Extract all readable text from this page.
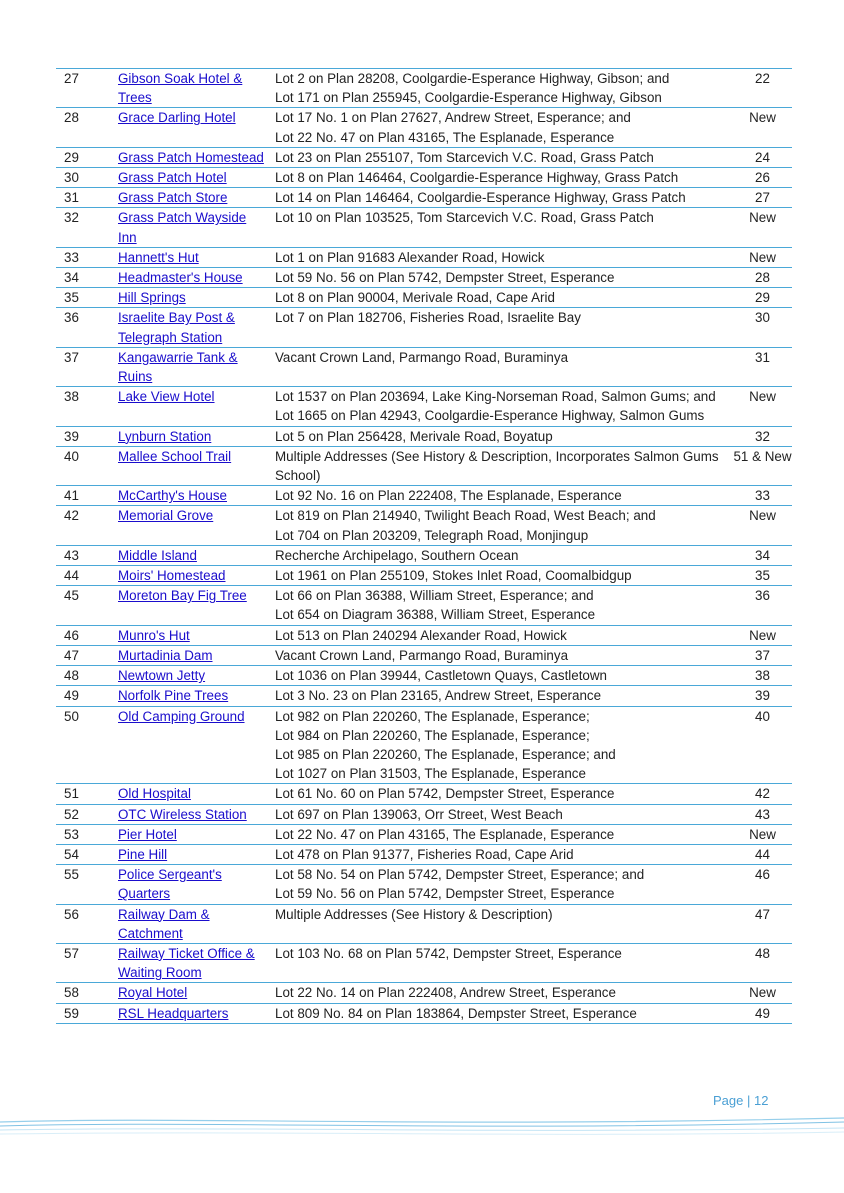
27	Gibson Soak Hotel & Trees	Lot 2 on Plan 28208, Coolgardie-Esperance Highway, Gibson; and
Lot 171 on Plan 255945, Coolgardie-Esperance Highway, Gibson	22
28	Grace Darling Hotel	Lot 17 No. 1 on Plan 27627, Andrew Street, Esperance; and
Lot 22 No. 47 on Plan 43165, The Esplanade, Esperance	New
29	Grass Patch Homestead	Lot 23 on Plan 255107, Tom Starcevich V.C. Road, Grass Patch	24
30	Grass Patch Hotel	Lot 8 on Plan 146464, Coolgardie-Esperance Highway, Grass Patch	26
31	Grass Patch Store	Lot 14 on Plan 146464, Coolgardie-Esperance Highway, Grass Patch	27
32	Grass Patch Wayside Inn	Lot 10 on Plan 103525, Tom Starcevich V.C. Road, Grass Patch	New
33	Hannett's Hut	Lot 1 on Plan 91683 Alexander Road, Howick	New
34	Headmaster's House	Lot 59 No. 56 on Plan 5742, Dempster Street, Esperance	28
35	Hill Springs	Lot 8 on Plan 90004, Merivale Road, Cape Arid	29
36	Israelite Bay Post & Telegraph Station	Lot 7 on Plan 182706, Fisheries Road, Israelite Bay	30
37	Kangawarrie Tank & Ruins	Vacant Crown Land, Parmango Road, Buraminya	31
38	Lake View Hotel	Lot 1537 on Plan 203694, Lake King-Norseman Road, Salmon Gums; and
Lot 1665 on Plan 42943, Coolgardie-Esperance Highway, Salmon Gums	New
39	Lynburn Station	Lot 5 on Plan 256428, Merivale Road, Boyatup	32
40	Mallee School Trail	Multiple Addresses (See History & Description, Incorporates Salmon Gums School)	51 & New
41	McCarthy's House	Lot 92 No. 16 on Plan 222408, The Esplanade, Esperance	33
42	Memorial Grove	Lot 819 on Plan 214940, Twilight Beach Road, West Beach; and
Lot 704 on Plan 203209, Telegraph Road, Monjingup	New
43	Middle Island	Recherche Archipelago, Southern Ocean	34
44	Moirs' Homestead	Lot 1961 on Plan 255109, Stokes Inlet Road, Coomalbidgup	35
45	Moreton Bay Fig Tree	Lot 66 on Plan 36388, William Street, Esperance; and
Lot 654 on Diagram 36388, William Street, Esperance	36
46	Munro's Hut	Lot 513 on Plan 240294 Alexander Road, Howick	New
47	Murtadinia Dam	Vacant Crown Land, Parmango Road, Buraminya	37
48	Newtown Jetty	Lot 1036 on Plan 39944, Castletown Quays, Castletown	38
49	Norfolk Pine Trees	Lot 3 No. 23 on Plan 23165, Andrew Street, Esperance	39
50	Old Camping Ground	Lot 982 on Plan 220260, The Esplanade, Esperance;
Lot 984 on Plan 220260, The Esplanade, Esperance;
Lot 985 on Plan 220260, The Esplanade, Esperance; and
Lot 1027 on Plan 31503, The Esplanade, Esperance	40
51	Old Hospital	Lot 61 No. 60 on Plan 5742, Dempster Street, Esperance	42
52	OTC Wireless Station	Lot 697 on Plan 139063, Orr Street, West Beach	43
53	Pier Hotel	Lot 22 No. 47 on Plan 43165, The Esplanade, Esperance	New
54	Pine Hill	Lot 478 on Plan 91377, Fisheries Road, Cape Arid	44
55	Police Sergeant's Quarters	Lot 58 No. 54 on Plan 5742, Dempster Street, Esperance; and
Lot 59 No. 56 on Plan 5742, Dempster Street, Esperance	46
56	Railway Dam & Catchment	Multiple Addresses (See History & Description)	47
57	Railway Ticket Office & Waiting Room	Lot 103 No. 68 on Plan 5742, Dempster Street, Esperance	48
58	Royal Hotel	Lot 22 No. 14 on Plan 222408, Andrew Street, Esperance	New
59	RSL Headquarters	Lot 809 No. 84 on Plan 183864, Dempster Street, Esperance	49
Page | 12
